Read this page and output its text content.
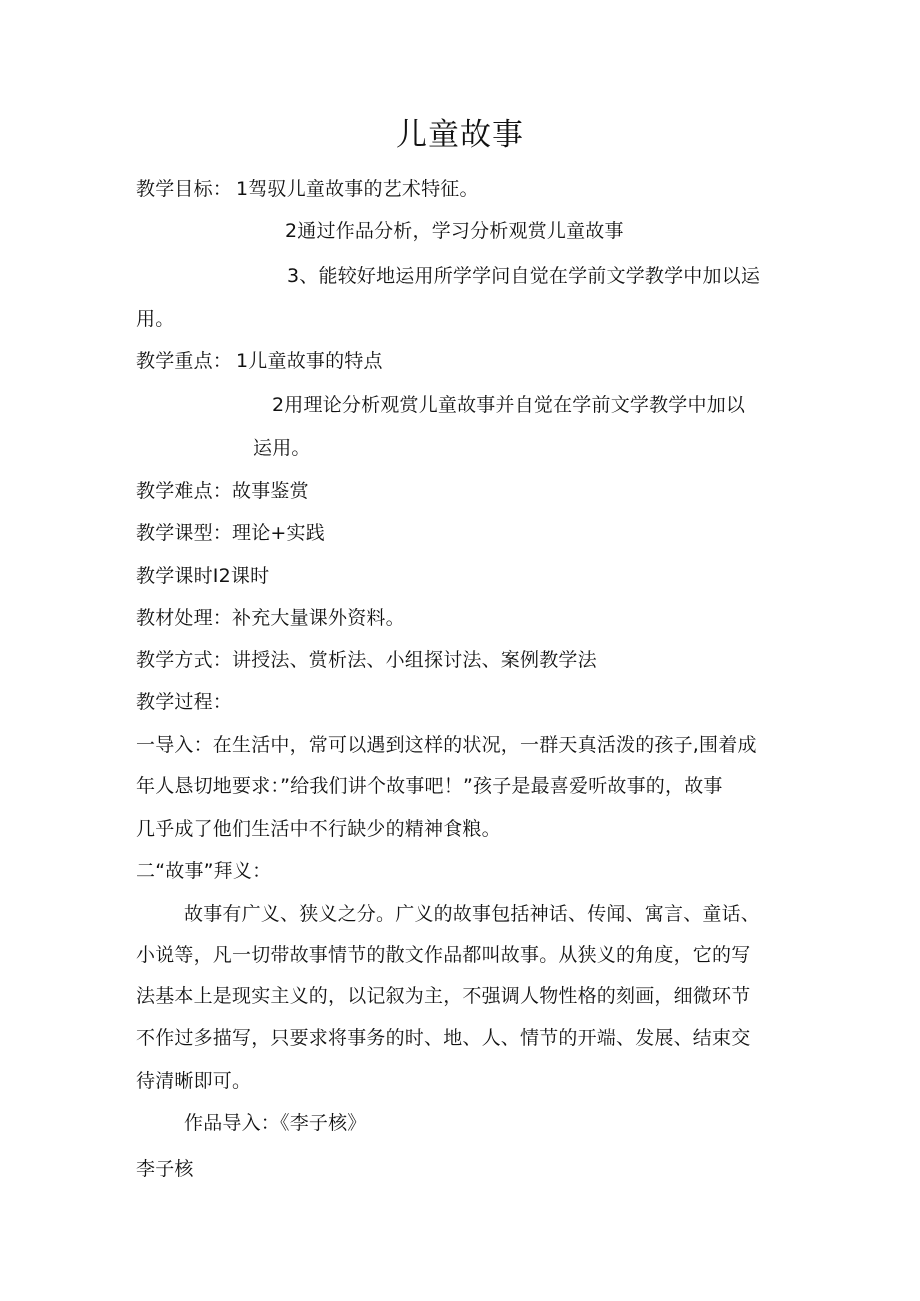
儿童故事
教学目标： 1驾驭儿童故事的艺术特征。
2通过作品分析，学习分析观赏儿童故事
3、能较好地运用所学学问自觉在学前文学教学中加以运
用。
教学重点： 1儿童故事的特点
2用理论分析观赏儿童故事并自觉在学前文学教学中加以
运用。
教学难点：故事鉴赏
教学课型：理论+实践
教学课时I2课时
教材处理：补充大量课外资料。
教学方式：讲授法、赏析法、小组探讨法、案例教学法
教学过程：
一导入：在生活中，常可以遇到这样的状况，一群天真活泼的孩子,围着成
年人恳切地要求：”给我们讲个故事吧！”孩子是最喜爱听故事的，故事
几乎成了他们生活中不行缺少的精神食粮。
二“故事”拜义：
故事有广义、狭义之分。广义的故事包括神话、传闻、寓言、童话、
小说等，凡一切带故事情节的散文作品都叫故事。从狭义的角度，它的写
法基本上是现实主义的，以记叙为主，不强调人物性格的刻画，细微环节
不作过多描写，只要求将事务的时、地、人、情节的开端、发展、结束交
待清晰即可。
作品导入：《李子核》
李子核
